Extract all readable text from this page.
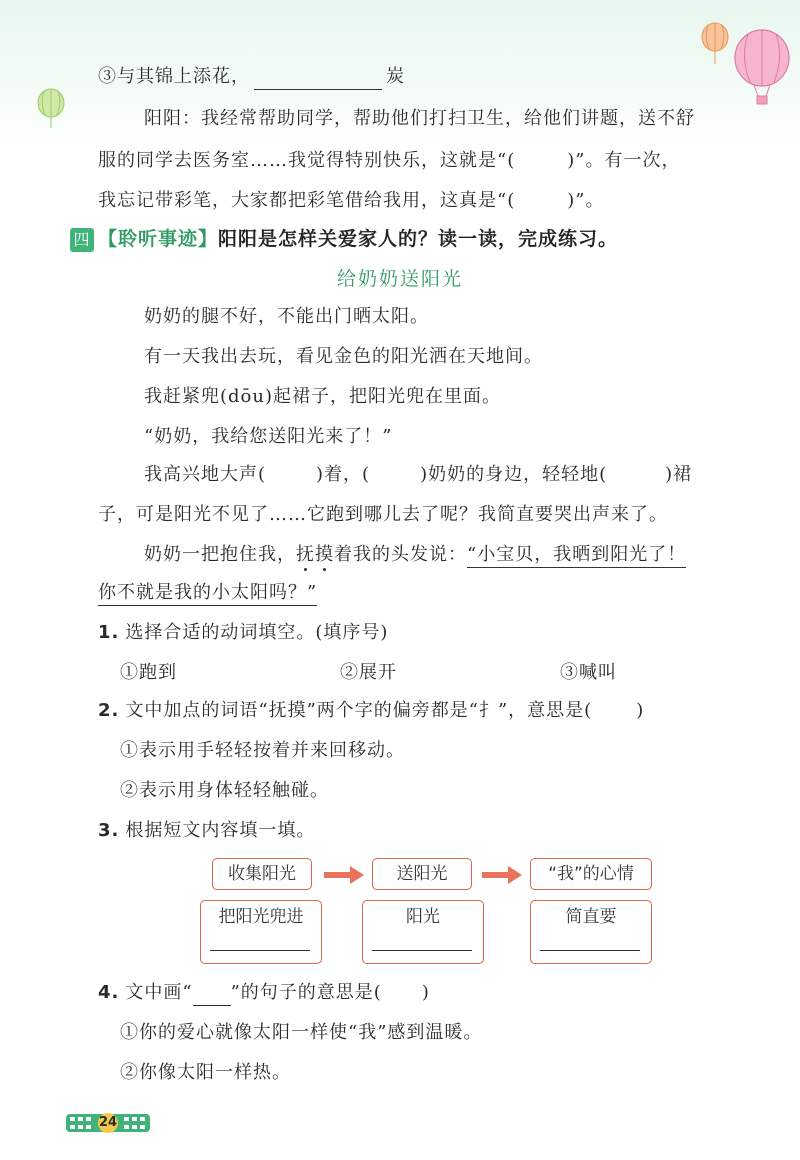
③与其锦上添花，	炭
阳阳：我经常帮助同学，帮助他们打扫卫生，给他们讲题，送不舒
服的同学去医务室……我觉得特别快乐，这就是“(	)”。有一次，
我忘记带彩笔，大家都把彩笔借给我用，这真是“(	)”。
四 【聆听事迹】阳阳是怎样关爱家人的？读一读，完成练习。
给奶奶送阳光
奶奶的腿不好，不能出门晒太阳。
有一天我出去玩，看见金色的阳光洒在天地间。
我赶紧兜(dōu)起裙子，把阳光兜在里面。
“奶奶，我给您送阳光来了！”
我高兴地大声(	)着，(	)奶奶的身边，轻轻地(	)裙
子，可是阳光不见了……它跑到哪儿去了呢？我简直要哭出声来了。
奶奶一把抱住我，抚摸着我的头发说：“小宝贝，我晒到阳光了！
你不就是我的小太阳吗？”
1. 选择合适的动词填空。(填序号)
①跑到	②展开	③喊叫
2. 文中加点的词语“抚摸”两个字的偏旁都是“扌”，意思是( )
①表示用手轻轻按着并来回移动。
②表示用身体轻轻触碰。
3. 根据短文内容填一填。
收集阳光	送阳光	“我”的心情
把阳光兜进	阳光	简直要
4. 文中画“ ”的句子的意思是( )
①你的爱心就像太阳一样使“我”感到温暖。
②你像太阳一样热。
24
